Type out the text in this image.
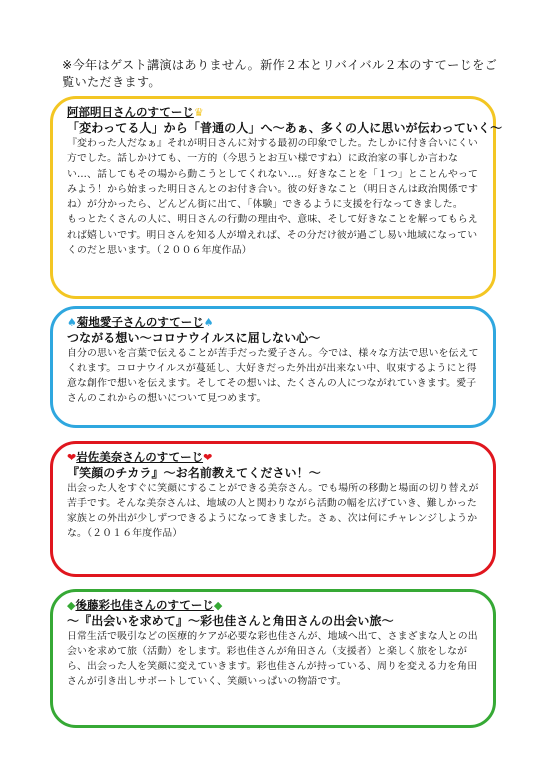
※今年はゲスト講演はありません。新作２本とリバイバル２本のすてーじをご覧いただきます。
阿部明日さんのすてーじ♛
「変わってる人」から「普通の人」へ〜あぁ、多くの人に思いが伝わっていく〜
『変わった人だなぁ』それが明日さんに対する最初の印象でした。たしかに付き合いにくい方でした。話しかけても、一方的（今思うとお互い様ですね）に政治家の事しか言わない…、話してもその場から動こうとしてくれない…。好きなことを「１つ」とことんやってみよう！から始まった明日さんとのお付き合い。彼の好きなこと（明日さんは政治関係ですね）が分かったら、どんどん街に出て、「体験」できるように支援を行なってきました。
もっとたくさんの人に、明日さんの行動の理由や、意味、そして好きなことを解ってもらえれば嬉しいです。明日さんを知る人が増えれば、その分だけ彼が過ごし易い地域になっていくのだと思います。（２００６年度作品）
♠菊地愛子さんのすてーじ♠
つながる想い〜コロナウイルスに屈しない心〜
自分の思いを言葉で伝えることが苦手だった愛子さん。今では、様々な方法で思いを伝えてくれます。コロナウイルスが蔓延し、大好きだった外出が出来ない中、収束するようにと得意な創作で想いを伝えます。そしてその想いは、たくさんの人につながれていきます。愛子さんのこれからの想いについて見つめます。
❤岩佐美奈さんのすてーじ❤
『笑顔のチカラ』〜お名前教えてください！〜
出会った人をすぐに笑顔にすることができる美奈さん。でも場所の移動と場面の切り替えが苦手です。そんな美奈さんは、地域の人と関わりながら活動の幅を広げていき、難しかった家族との外出が少しずつできるようになってきました。さぁ、次は何にチャレンジしようかな。（２０１６年度作品）
◆後藤彩也佳さんのすてーじ◆
〜『出会いを求めて』〜彩也佳さんと角田さんの出会い旅〜
日常生活で吸引などの医療的ケアが必要な彩也佳さんが、地域へ出て、さまざまな人との出会いを求めて旅（活動）をします。彩也佳さんが角田さん（支援者）と楽しく旅をしながら、出会った人を笑顔に変えていきます。彩也佳さんが持っている、周りを変える力を角田さんが引き出しサポートしていく、笑顔いっぱいの物語です。
